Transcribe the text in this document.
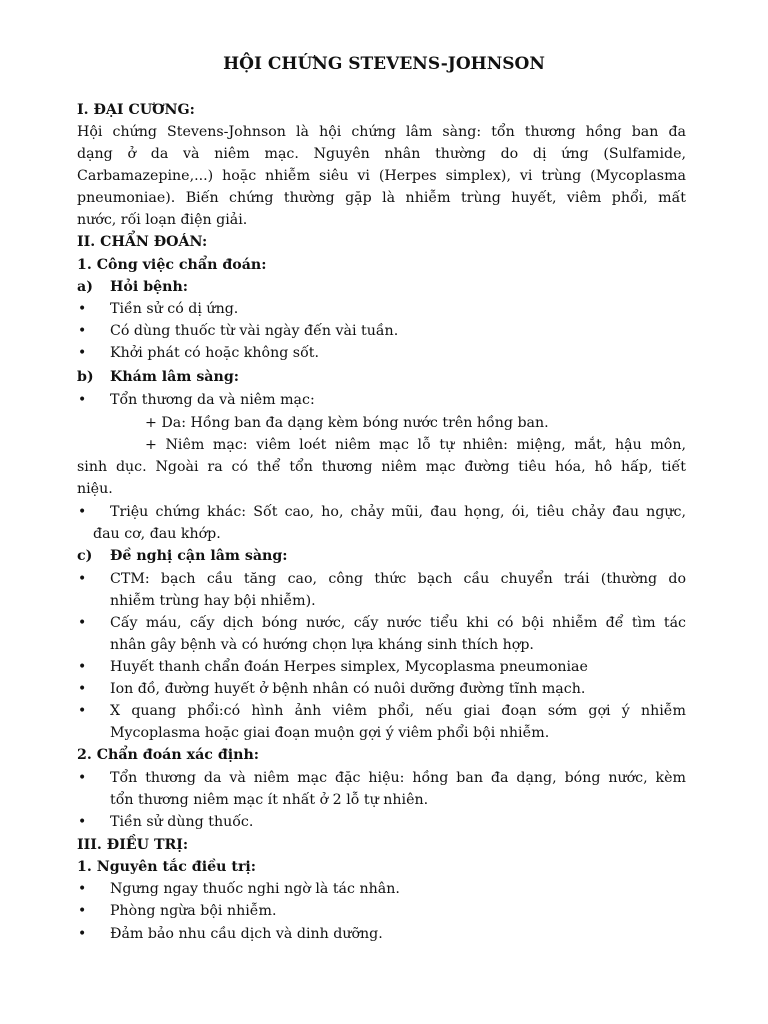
HỘI CHỨNG STEVENS-JOHNSON
I. ĐẠI CƯƠNG:
Hội chứng Stevens-Johnson là hội chứng lâm sàng: tổn thương hồng ban đa
dạng ở da và niêm mạc. Nguyên nhân thường do dị ứng (Sulfamide,
Carbamazepine,...) hoặc nhiễm siêu vi (Herpes simplex), vi trùng (Mycoplasma
pneumoniae). Biến chứng thường gặp là nhiễm trùng huyết, viêm phổi, mất
nước, rối loạn điện giải.
II. CHẨN ĐOÁN:
1. Công việc chẩn đoán:
a) Hỏi bệnh:
• Tiền sử có dị ứng.
• Có dùng thuốc từ vài ngày đến vài tuần.
• Khởi phát có hoặc không sốt.
b) Khám lâm sàng:
• Tổn thương da và niêm mạc:
+ Da: Hồng ban đa dạng kèm bóng nước trên hồng ban.
+ Niêm mạc: viêm loét niêm mạc lỗ tự nhiên: miệng, mắt, hậu môn,
sinh dục. Ngoài ra có thể tổn thương niêm mạc đường tiêu hóa, hô hấp, tiết
niệu.
• Triệu chứng khác: Sốt cao, ho, chảy mũi, đau họng, ói, tiêu chảy đau ngực,
đau cơ, đau khớp.
c) Đề nghị cận lâm sàng:
• CTM: bạch cầu tăng cao, công thức bạch cầu chuyển trái (thường do
nhiễm trùng hay bội nhiễm).
• Cấy máu, cấy dịch bóng nước, cấy nước tiểu khi có bội nhiễm để tìm tác
nhân gây bệnh và có hướng chọn lựa kháng sinh thích hợp.
• Huyết thanh chẩn đoán Herpes simplex, Mycoplasma pneumoniae
• Ion đồ, đường huyết ở bệnh nhân có nuôi dưỡng đường tĩnh mạch.
• X quang phổi:có hình ảnh viêm phổi, nếu giai đoạn sớm gợi ý nhiễm
Mycoplasma hoặc giai đoạn muộn gợi ý viêm phổi bội nhiễm.
2. Chẩn đoán xác định:
• Tổn thương da và niêm mạc đặc hiệu: hồng ban đa dạng, bóng nước, kèm
tổn thương niêm mạc ít nhất ở 2 lỗ tự nhiên.
• Tiền sử dùng thuốc.
III. ĐIỀU TRỊ:
1. Nguyên tắc điều trị:
• Ngưng ngay thuốc nghi ngờ là tác nhân.
• Phòng ngừa bội nhiễm.
• Đảm bảo nhu cầu dịch và dinh dưỡng.
